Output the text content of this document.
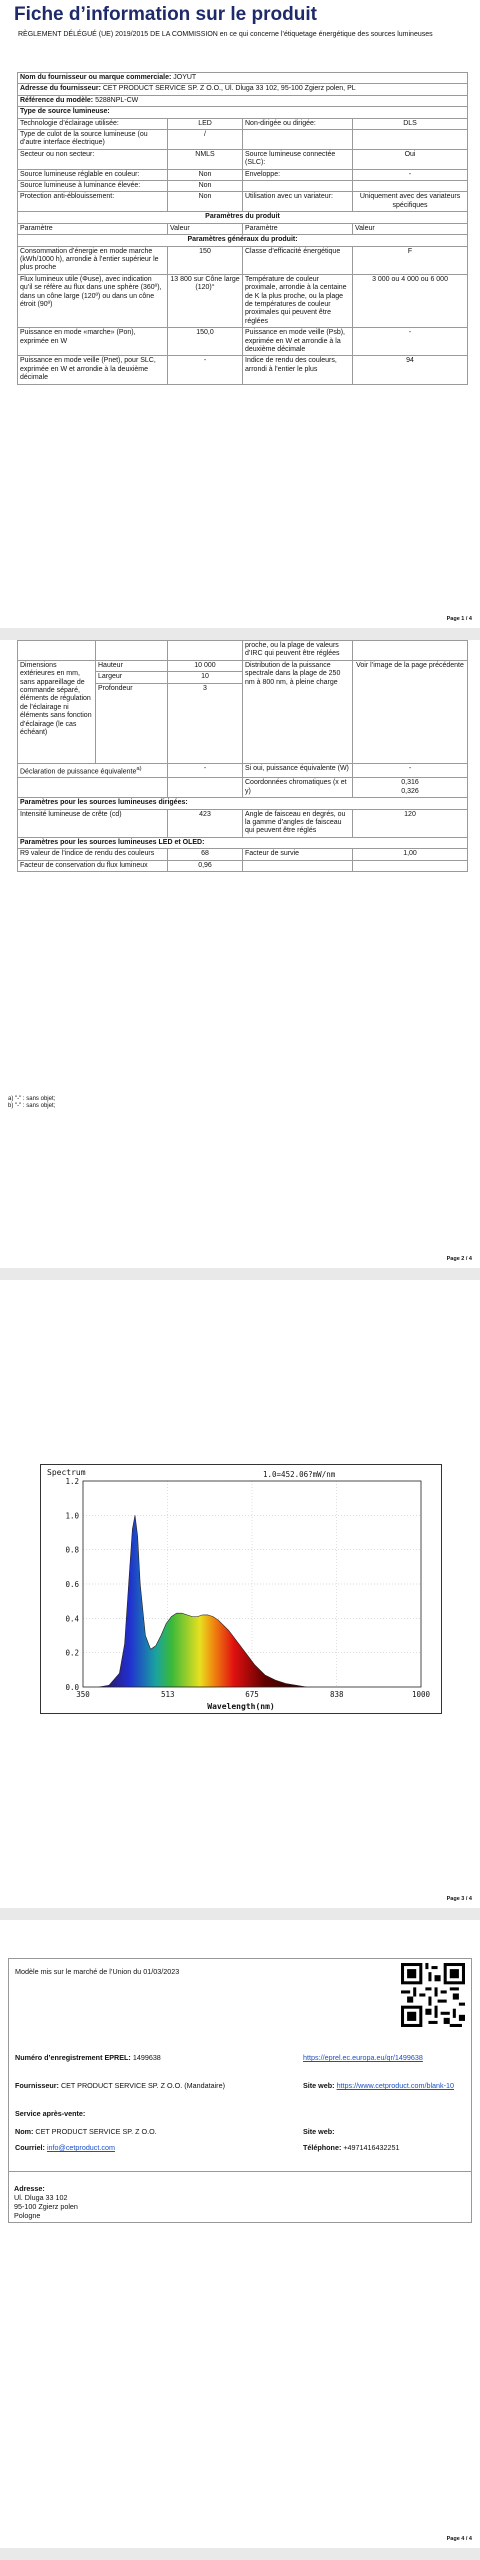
Fiche d’information sur le produit
RÈGLEMENT DÉLÉGUÉ (UE) 2019/2015 DE LA COMMISSION en ce qui concerne l’étiquetage énergétique des sources lumineuses
Nom du fournisseur ou marque commerciale: JOYUT			
Adresse du fournisseur: CET PRODUCT SERVICE SP. Z O.O., Ul. Dluga 33 102, 95-100 Zgierz polen, PL			
Référence du modèle: 5288NPL-CW			
Type de source lumineuse:			
Technologie d’éclairage utilisée:	LED	Non-dirigée ou dirigée:	DLS
Type de culot de la source lumineuse (ou d’autre interface électrique)	/		
Secteur ou non secteur:	NMLS	Source lumineuse connectée (SLC):	Oui
Source lumineuse réglable en couleur:	Non	Enveloppe:	-
Source lumineuse à luminance élevée:	Non		
Protection anti-éblouissement:	Non	Utilisation avec un variateur:	Uniquement avec des variateurs spécifiques
Paramètres du produit			
Paramètre	Valeur	Paramètre	Valeur
Paramètres généraux du produit:			
Consommation d’énergie en mode marche (kWh/1000 h), arrondie à l’entier supérieur le plus proche	150	Classe d’efficacité énergétique	F
Flux lumineux utile (Φuse), avec indication qu’il se réfère au flux dans une sphère (360º), dans un cône large (120º) ou dans un cône étroit (90º)	13 800 sur Cône large (120)°	Température de couleur proximale, arrondie à la centaine de K la plus proche, ou la plage de températures de couleur proximales qui peuvent être réglées	3 000 ou 4 000 ou 6 000
Puissance en mode «marche» (Pon), exprimée en W	150,0	Puissance en mode veille (Psb), exprimée en W et arrondie à la deuxième décimale	-
Puissance en mode veille (Pnet), pour SLC, exprimée en W et arrondie à la deuxième décimale	-	Indice de rendu des couleurs, arrondi à l’entier le plus	94
Page 1 / 4
			proche, ou la plage de valeurs d’IRC qui peuvent être réglées	
Dimensions extérieures en mm, sans appareillage de commande séparé, éléments de régulation de l’éclairage ni éléments sans fonction d’éclairage (le cas échéant)	Hauteur	10 000	Distribution de la puissance spectrale dans la plage de 250 nm à 800 nm, à pleine charge	Voir l’image de la page précédente
	Largeur	10		
	Profondeur	3		
Déclaration de puissance équivalente$^{a)}$		-	Si oui, puissance équivalente (W)	-
			Coordonnées chromatiques (x et y)	0,316
0,326

Paramètres pour les sources lumineuses dirigées:				
Intensité lumineuse de crête (cd)		423	Angle de faisceau en degrés, ou la gamme d’angles de faisceau qui peuvent être réglés	120
Paramètres pour les sources lumineuses LED et OLED:				
R9 valeur de l’indice de rendu des couleurs		68	Facteur de survie	1,00
Facteur de conservation du flux lumineux		0,96		
a) "-" : sans objet;
b) "-" : sans objet;
Page 2 / 4
0.0
0.2
0.4
0.6
0.8
1.0
1.2
350	513	675	838	1000
Spectrum	1.0=452.06?mW/nm
Wavelength(nm)
Page 3 / 4
Modèle mis sur le marché de l’Union du 01/03/2023
Numéro d’enregistrement EPREL: 1499638	https://eprel.ec.europa.eu/qr/1499638
Fournisseur: CET PRODUCT SERVICE SP. Z O.O. (Mandataire)	Site web: https://www.cetproduct.com/blank-10
Service après-vente:
Nom: CET PRODUCT SERVICE SP. Z O.O.	Site web:
Courriel: info@cetproduct.com	Téléphone: +4971416432251
Adresse:
Ul. Dluga 33 102
95-100 Zgierz polen
Pologne
Page 4 / 4
